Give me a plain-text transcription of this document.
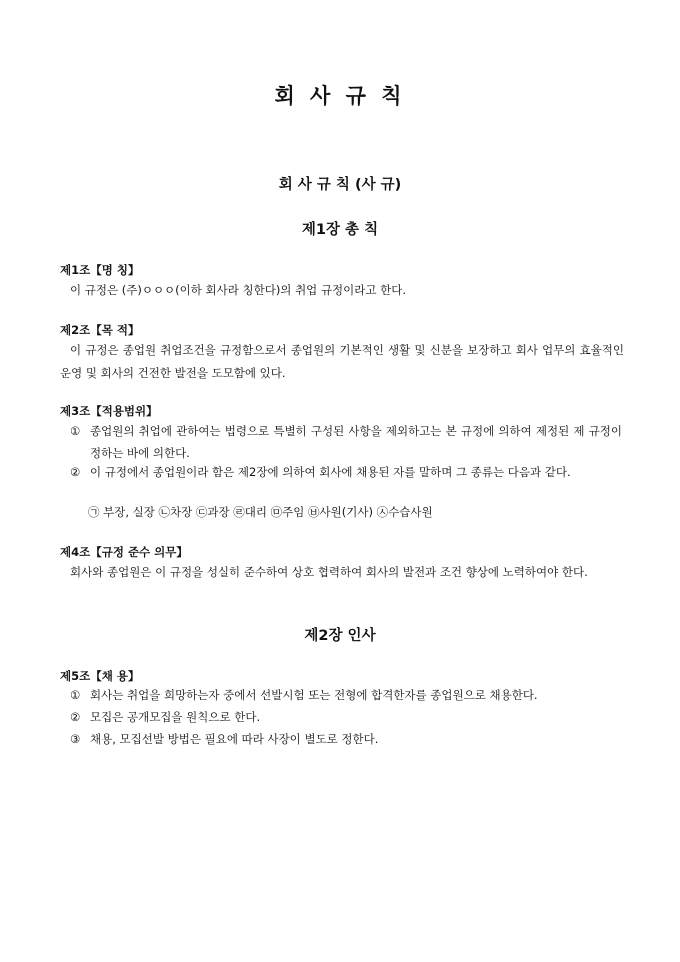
회 사 규 칙
회 사 규 칙 (사 규)
제1장 총 칙
제1조【명 칭】
이 규정은 (주)ㅇㅇㅇ(이하 회사라 칭한다)의 취업 규정이라고 한다.
제2조【목 적】
이 규정은 종업원 취업조건을 규정함으로서 종업원의 기본적인 생활 및 신분을 보장하고 회사 업무의 효율적인 운영 및 회사의 건전한 발전을 도모함에 있다.
제3조【적용범위】
① 종업원의 취업에 관하여는 법령으로 특별히 구성된 사항을 제외하고는 본 규정에 의하여 제정된 제 규정이 정하는 바에 의한다.
② 이 규정에서 종업원이라 함은 제2장에 의하여 회사에 채용된 자를 말하며 그 종류는 다음과 같다.
㉠ 부장, 실장 ㉡차장 ㉢과장 ㉣대리 ㉤주임 ㉥사원(기사) ㉦수습사원
제4조【규정 준수 의무】
회사와 종업원은 이 규정을 성실히 준수하여 상호 협력하여 회사의 발전과 조건 향상에 노력하여야 한다.
제2장 인사
제5조【채 용】
① 회사는 취업을 희망하는자 중에서 선발시험 또는 전형에 합격한자를 종업원으로 채용한다.
② 모집은 공개모집을 원칙으로 한다.
③ 채용, 모집선발 방법은 필요에 따라 사장이 별도로 정한다.
